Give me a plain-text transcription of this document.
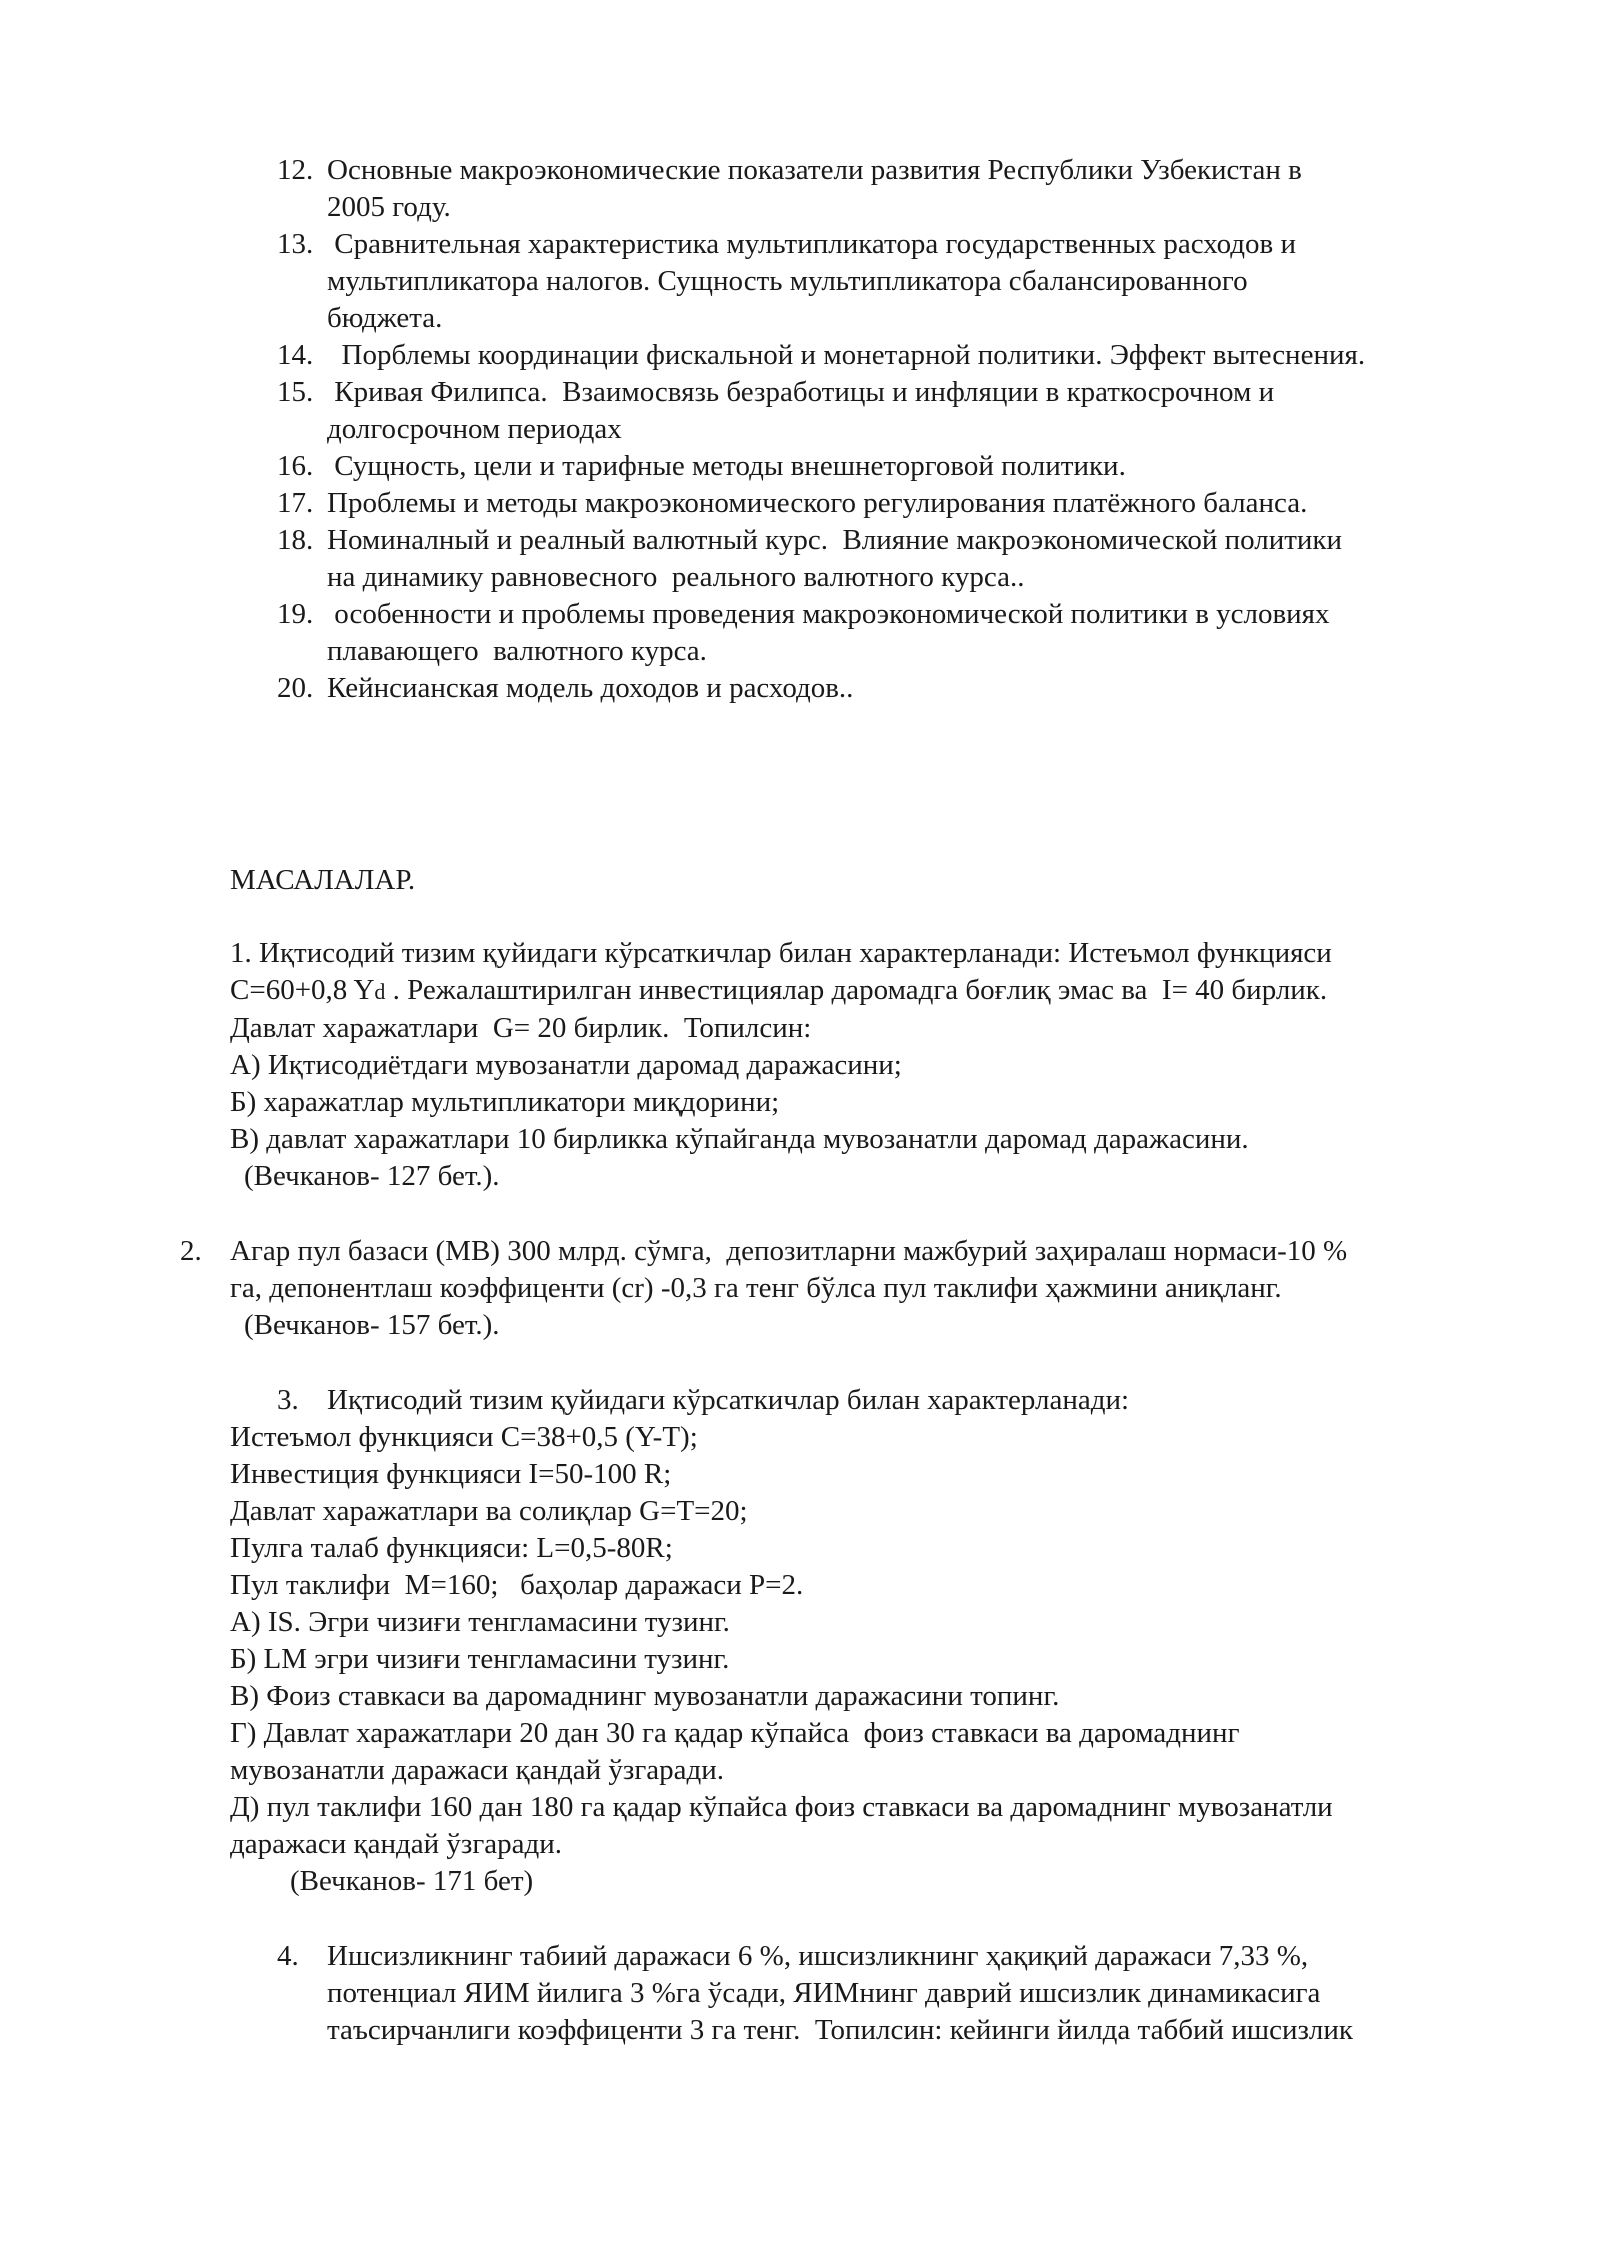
12. Основные макроэкономические показатели развития Республики Узбекистан в
2005 году.
13. Сравнительная характеристика мультипликатора государственных расходов и
мультипликатора налогов. Сущность мультипликатора сбалансированного
бюджета.
14. Порблемы координации фискальной и монетарной политики. Эффект вытеснения.
15. Кривая Филипса.  Взаимосвязь безработицы и инфляции в краткосрочном и
долгосрочном периодах
16. Сущность, цели и тарифные методы внешнеторговой политики.
17. Проблемы и методы макроэкономического регулирования платёжного баланса.
18. Номиналный и реалный валютный курс.  Влияние макроэкономической политики
на динамику равновесного  реального валютного курса..
19. особенности и проблемы проведения макроэкономической политики в условиях
плавающего  валютного курса.
20. Кейнсианская модель доходов и расходов..
МАСАЛАЛАР.
1. Иқтисодий тизим қуйидаги кўрсаткичлар билан характерланади: Истеъмол функцияси
C=60+0,8 Yd . Режалаштирилган инвестициялар даромадга боғлиқ эмас ва  I= 40 бирлик.
Давлат харажатлари  G= 20 бирлик.  Топилсин:
А) Иқтисодиётдаги мувозанатли даромад даражасини;
Б) харажатлар мультипликатори миқдорини;
В) давлат харажатлари 10 бирликка кўпайганда мувозанатли даромад даражасини.
(Вечканов- 127 бет.).
2. Агар пул базаси (MB) 300 млрд. сўмга,  депозитларни мажбурий заҳиралаш нормаси-10 %
га, депонентлаш коэффиценти (cr) -0,3 га тенг бўлса пул таклифи ҳажмини аниқланг.
(Вечканов- 157 бет.).
3. Иқтисодий тизим қуйидаги кўрсаткичлар билан характерланади:
Истеъмол функцияси C=38+0,5 (Y-T);
Инвестиция функцияси I=50-100 R;
Давлат харажатлари ва солиқлар G=T=20;
Пулга талаб функцияси: L=0,5-80R;
Пул таклифи  M=160;   баҳолар даражаси P=2.
А) IS. Эгри чизиғи тенгламасини тузинг.
Б) LM эгри чизиғи тенгламасини тузинг.
В) Фоиз ставкаси ва даромаднинг мувозанатли даражасини топинг.
Г) Давлат харажатлари 20 дан 30 га қадар кўпайса  фоиз ставкаси ва даромаднинг
мувозанатли даражаси қандай ўзгаради.
Д) пул таклифи 160 дан 180 га қадар кўпайса фоиз ставкаси ва даромаднинг мувозанатли
даражаси қандай ўзгаради.
(Вечканов- 171 бет)
4. Ишсизликнинг табиий даражаси 6 %, ишсизликнинг ҳақиқий даражаси 7,33 %,
потенциал ЯИМ йилига 3 %га ўсади, ЯИМнинг даврий ишсизлик динамикасига
таъсирчанлиги коэффиценти 3 га тенг.  Топилсин: кейинги йилда таббий ишсизлик
